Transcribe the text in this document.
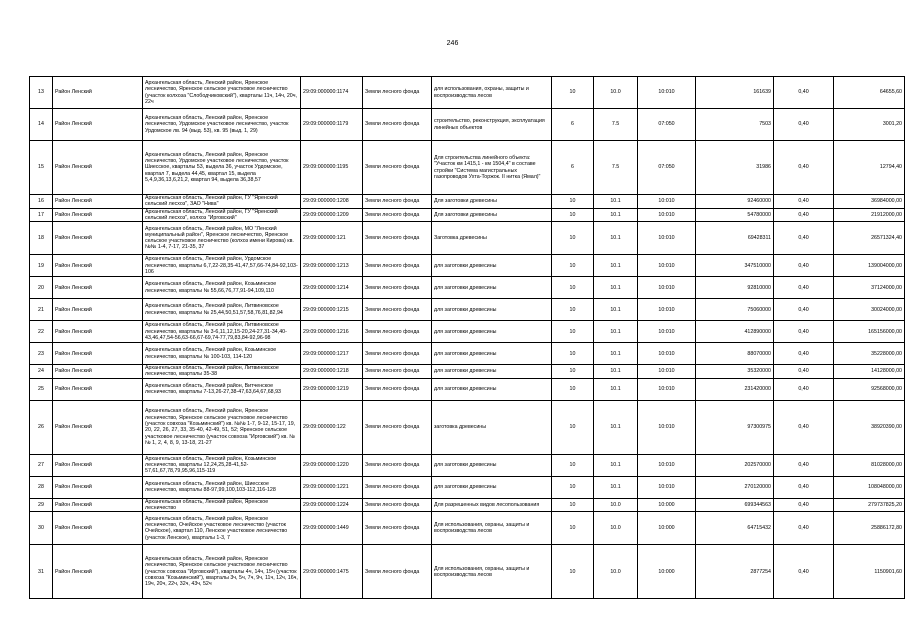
246
13	Район Ленский	Архангельская область, Ленский район, Яренское лесничество, Яренское сельское участковое лесничество (участок колхоза "Слободчиковский"), кварталы 11ч, 14ч, 20ч, 22ч	29:09:000000:1174	Земли лесного фонда	для использования, охраны, защиты и воспроизводства лесов	10	10.0	10:010	161639	0,40	64655,60
14	Район Ленский	Архангельская область, Ленский район, Яренское лесничество, Урдомское участковое лесничество, участок Урдомское лв. 94 (выд. 53), кв. 95 (выд. 1, 29)	29:09:000000:1179	Земли лесного фонда	строительство, реконструкция, эксплуатация линейных объектов	6	7.5	07:050	7503	0,40	3001,20
15	Район Ленский	Архангельская область, Ленский район, Яренское лесничество, Урдомское участковое лесничество, участок Шиесское, кварталы 53, выдела 36, участок Урдомское, квартал 7, выдела 44,45, квартал 15, выдела 5,4,9,36,13,6,21,2, квартал 94, выдела 36,38,57	29:09:000000:1195	Земли лесного фонда	Для строительства линейного объекта: "Участок км 1415,1 - км 1504,4" в составе стройки "Система магистральных газопроводов Ухта-Торжок. II нитка (Ямал)"	6	7.5	07:050	31986	0,40	12794,40
16	Район Ленский	Архангельская область, Ленский район, ГУ "Яренский сельский лесхоз", ЗАО "Нива"	29:09:000000:1208	Земли лесного фонда	Для заготовки древесины	10	10.1	10:010	92460000	0,40	36984000,00
17	Район Ленский	Архангельская область, Ленский район, ГУ "Яренский сельский лесхоз", колхоз "Ирговский"	29:09:000000:1209	Земли лесного фонда	Для заготовки древесины	10	10.1	10:010	54780000	0,40	21912000,00
18	Район Ленский	Архангельская область, Ленский район, МО "Ленский муниципальный район", Яренское лесничество, Яренское сельское участковое лесничество (колхоз имени Кирова) кв. №№ 1-4, 7-17, 21-35, 37	29:09:000000:121	Земли лесного фонда	Заготовка древесины	10	10.1	10:010	69428311	0,40	26571324,40
19	Район Ленский	Архангельская область, Ленский район, Урдомское лесничество, кварталы 6,7,22-28,35-41,47,57,66-74,84-92,103-106	29:09:000000:1213	Земли лесного фонда	для заготовки древесины	10	10.1	10:010	347510000	0,40	139004000,00
20	Район Ленский	Архангельская область, Ленский район, Козьминское лесничество, кварталы № 55,66,76,77,91-94,109,110	29:09:000000:1214	Земли лесного фонда	для заготовки древесины	10	10.1	10:010	92810000	0,40	37124000,00
21	Район Ленский	Архангельская область, Ленский район, Литвиновское лесничество, кварталы № 25,44,50,51,57,58,76,81,82,94	29:09:000000:1215	Земли лесного фонда	для заготовки древесины	10	10.1	10:010	75060000	0,40	30024000,00
22	Район Ленский	Архангельская область, Ленский район, Литвиновское лесничество, кварталы № 3-6,11,12,15-20,24-27,31-34,40-43,46,47,54-56,63-66,67-69,74-77,79,83,84-92,96-98	29:09:000000:1216	Земли лесного фонда	для заготовки древесины	10	10.1	10:010	412890000	0,40	165156000,00
23	Район Ленский	Архангельская область, Ленский район, Козьминское лесничество, кварталы № 100-103, 114-120	29:09:000000:1217	Земли лесного фонда	для заготовки древесины	10	10.1	10:010	88070000	0,40	35228000,00
24	Район Ленский	Архангельская область, Ленский район, Литвиновское лесничество, кварталы 35-38	29:09:000000:1218	Земли лесного фонда	для заготовки древесины	10	10.1	10:010	35320000	0,40	14128000,00
25	Район Ленский	Архангельская область, Ленский район, Витченское лесничество, кварталы 7-13,26-27,38-47,63,64,67,68,93	29:09:000000:1219	Земли лесного фонда	для заготовки древесины	10	10.1	10:010	231420000	0,40	92568000,00
26	Район Ленский	Архангельская область, Ленский район, Яренское лесничество, Яренское сельское участковое лесничество (участок совхоза "Козьминский") кв. №№ 1-7, 9-12, 15-17, 19, 20, 22, 26, 27, 33, 35-40, 42-49, 51, 52; Яренское сельское участковое лесничество (участок совхоза "Ирговский") кв. №№ 1, 2, 4, 8, 9, 13-18, 21-27	29:09:000000:122	Земли лесного фонда	заготовка древесины	10	10.1	10:010	97300975	0,40	38920390,00
27	Район Ленский	Архангельская область, Ленский район, Козьминское лесничество, кварталы 12,24,25,28-41,52-57,61,67,78,79,95,96,115-119	29:09:000000:1220	Земли лесного фонда	для заготовки древесины	10	10.1	10:010	202570000	0,40	81028000,00
28	Район Ленский	Архангельская область, Ленский район, Шиесское лесничество, кварталы 88-97,99,100,103-112,116-128	29:09:000000:1221	Земли лесного фонда	для заготовки древесины	10	10.1	10:010	270120000	0,40	108048000,00
29	Район Ленский	Архангельская область, Ленский район, Яренское лесничество	29:09:000000:1224	Земли лесного фонда	Для разрешенных видов лесопользования	10	10.0	10:000	699344563	0,40	279737825,20
30	Район Ленский	Архангельская область, Ленский район, Яренское лесничество, Очейское участковое лесничество (участок Очейское), квартал 110, Ленское участковое лесничество (участок Ленское), кварталы 1-3, 7	29:09:000000:1449	Земли лесного фонда	Для использования, охраны, защиты и воспроизводства лесов	10	10.0	10:000	64715432	0,40	25886172,80
31	Район Ленский	Архангельская область, Ленский район, Яренское лесничество, Яренское сельское участковое лесничество (участок совхоза "Ирговский"), кварталы 4ч, 14ч, 15ч (участок совхоза "Козьминский"), кварталы 3ч, 5ч, 7ч, 9ч, 11ч, 12ч, 16ч, 19ч, 20ч, 22ч, 32ч, 43ч, 52ч	29:09:000000:1475	Земли лесного фонда	Для использования, охраны, защиты и воспроизводства лесов	10	10.0	10:000	2877254	0,40	1150901,60
